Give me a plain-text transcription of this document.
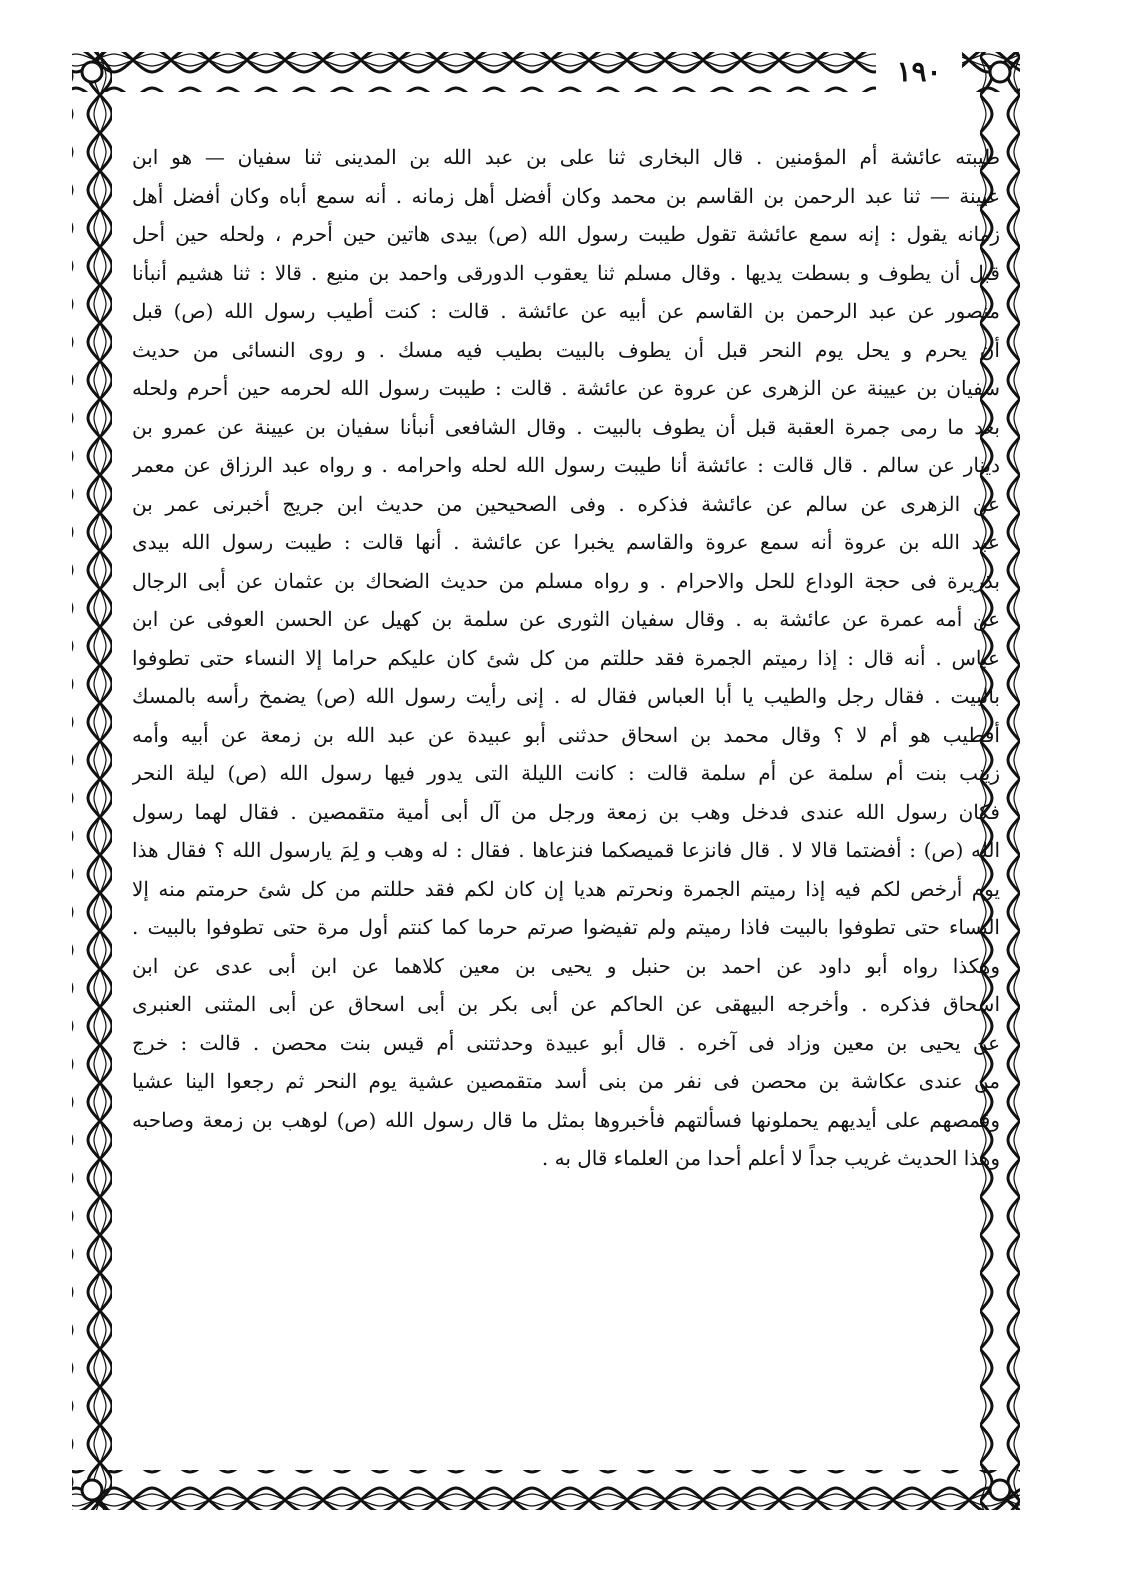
١٩٠
طيبته عائشة أم المؤمنين . قال البخارى ثنا على بن عبد الله بن المدينى ثنا سفيان — هو ابن
عيينة — ثنا عبد الرحمن بن القاسم بن محمد وكان أفضل أهل زمانه . أنه سمع أباه وكان أفضل أهل
زمانه يقول : إنه سمع عائشة تقول طيبت رسول الله (ص) بيدى هاتين حين أحرم ، ولحله حين أحل
قبل أن يطوف و بسطت يديها . وقال مسلم ثنا يعقوب الدورقى واحمد بن منيع . قالا : ثنا هشيم أنبأنا
منصور عن عبد الرحمن بن القاسم عن أبيه عن عائشة . قالت : كنت أطيب رسول الله (ص) قبل
أن يحرم و يحل يوم النحر قبل أن يطوف بالبيت بطيب فيه مسك . و روى النسائى من حديث
سفيان بن عيينة عن الزهرى عن عروة عن عائشة . قالت : طيبت رسول الله لحرمه حين أحرم ولحله
بعد ما رمى جمرة العقبة قبل أن يطوف بالبيت . وقال الشافعى أنبأنا سفيان بن عيينة عن عمرو بن
دينار عن سالم . قال قالت : عائشة أنا طيبت رسول الله لحله واحرامه . و رواه عبد الرزاق عن معمر
عن الزهرى عن سالم عن عائشة فذكره . وفى الصحيحين من حديث ابن جريج أخبرنى عمر بن
عبد الله بن عروة أنه سمع عروة والقاسم يخبرا عن عائشة . أنها قالت : طيبت رسول الله بيدى
بذريرة فى حجة الوداع للحل والاحرام . و رواه مسلم من حديث الضحاك بن عثمان عن أبى الرجال
عن أمه عمرة عن عائشة به . وقال سفيان الثورى عن سلمة بن كهيل عن الحسن العوفى عن ابن
عباس . أنه قال : إذا رميتم الجمرة فقد حللتم من كل شئ كان عليكم حراما إلا النساء حتى تطوفوا
بالبيت . فقال رجل والطيب يا أبا العباس فقال له . إنى رأيت رسول الله (ص) يضمخ رأسه بالمسك
أفطيب هو أم لا ؟ وقال محمد بن اسحاق حدثنى أبو عبيدة عن عبد الله بن زمعة عن أبيه وأمه
زينب بنت أم سلمة عن أم سلمة قالت : كانت الليلة التى يدور فيها رسول الله (ص) ليلة النحر
فكان رسول الله عندى فدخل وهب بن زمعة ورجل من آل أبى أمية متقمصين . فقال لهما رسول
الله (ص) : أفضتما قالا لا . قال فانزعا قميصكما فنزعاها . فقال : له وهب و لِمَ يارسول الله ؟ فقال هذا
يوم أرخص لكم فيه إذا رميتم الجمرة ونحرتم هديا إن كان لكم فقد حللتم من كل شئ حرمتم منه إلا
النساء حتى تطوفوا بالبيت فاذا رميتم ولم تفيضوا صرتم حرما كما كنتم أول مرة حتى تطوفوا بالبيت .
وهكذا رواه أبو داود عن احمد بن حنبل و يحيى بن معين كلاهما عن ابن أبى عدى عن ابن
اسحاق فذكره . وأخرجه البيهقى عن الحاكم عن أبى بكر بن أبى اسحاق عن أبى المثنى العنبرى
عن يحيى بن معين وزاد فى آخره . قال أبو عبيدة وحدثتنى أم قيس بنت محصن . قالت : خرج
من عندى عكاشة بن محصن فى نفر من بنى أسد متقمصين عشية يوم النحر ثم رجعوا الينا عشيا
وقمصهم على أيديهم يحملونها فسألتهم فأخبروها بمثل ما قال رسول الله (ص) لوهب بن زمعة وصاحبه
وهذا الحديث غريب جداً لا أعلم أحدا من العلماء قال به .
